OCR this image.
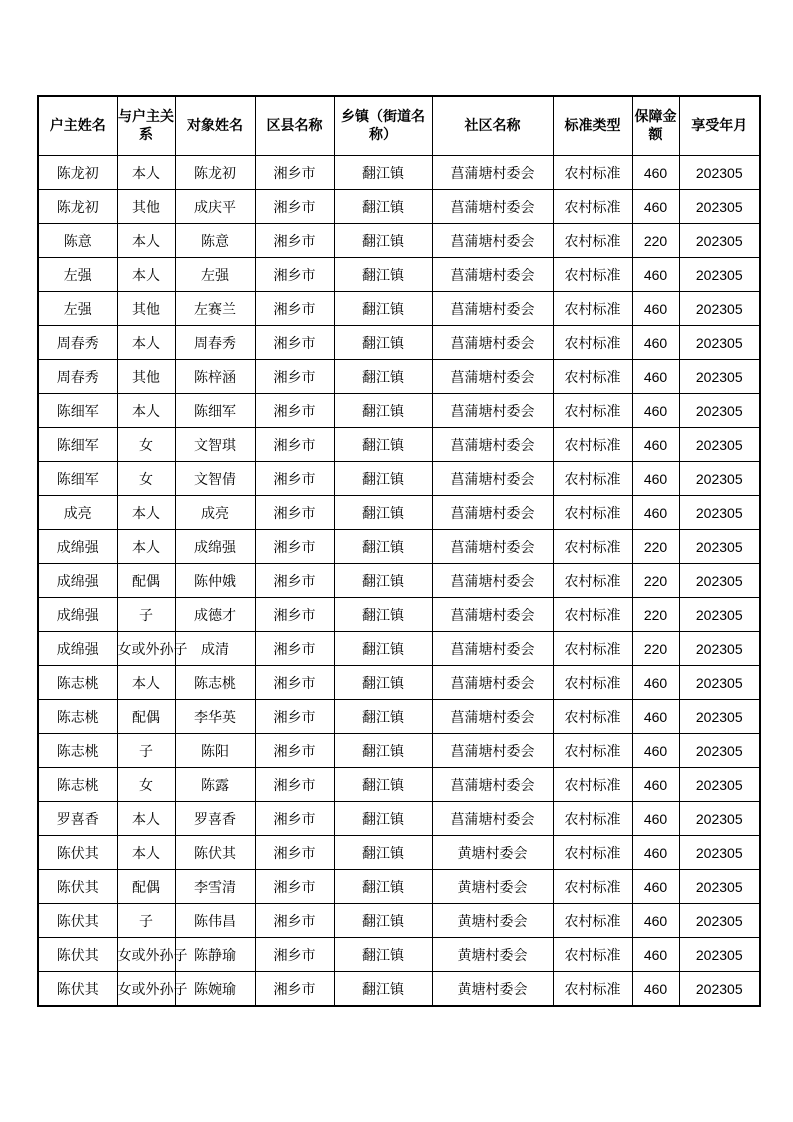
户主姓名	与户主关系	对象姓名	区县名称	乡镇（街道名称）	社区名称	标准类型	保障金额	享受年月
陈龙初	本人	陈龙初	湘乡市	翻江镇	菖蒲塘村委会	农村标准	460	202305
陈龙初	其他	成庆平	湘乡市	翻江镇	菖蒲塘村委会	农村标准	460	202305
陈意	本人	陈意	湘乡市	翻江镇	菖蒲塘村委会	农村标准	220	202305
左强	本人	左强	湘乡市	翻江镇	菖蒲塘村委会	农村标准	460	202305
左强	其他	左赛兰	湘乡市	翻江镇	菖蒲塘村委会	农村标准	460	202305
周春秀	本人	周春秀	湘乡市	翻江镇	菖蒲塘村委会	农村标准	460	202305
周春秀	其他	陈梓涵	湘乡市	翻江镇	菖蒲塘村委会	农村标准	460	202305
陈细军	本人	陈细军	湘乡市	翻江镇	菖蒲塘村委会	农村标准	460	202305
陈细军	女	文智琪	湘乡市	翻江镇	菖蒲塘村委会	农村标准	460	202305
陈细军	女	文智倩	湘乡市	翻江镇	菖蒲塘村委会	农村标准	460	202305
成亮	本人	成亮	湘乡市	翻江镇	菖蒲塘村委会	农村标准	460	202305
成绵强	本人	成绵强	湘乡市	翻江镇	菖蒲塘村委会	农村标准	220	202305
成绵强	配偶	陈仲娥	湘乡市	翻江镇	菖蒲塘村委会	农村标准	220	202305
成绵强	子	成德才	湘乡市	翻江镇	菖蒲塘村委会	农村标准	220	202305
成绵强	女或外孙子	成清	湘乡市	翻江镇	菖蒲塘村委会	农村标准	220	202305
陈志桃	本人	陈志桃	湘乡市	翻江镇	菖蒲塘村委会	农村标准	460	202305
陈志桃	配偶	李华英	湘乡市	翻江镇	菖蒲塘村委会	农村标准	460	202305
陈志桃	子	陈阳	湘乡市	翻江镇	菖蒲塘村委会	农村标准	460	202305
陈志桃	女	陈露	湘乡市	翻江镇	菖蒲塘村委会	农村标准	460	202305
罗喜香	本人	罗喜香	湘乡市	翻江镇	菖蒲塘村委会	农村标准	460	202305
陈伏其	本人	陈伏其	湘乡市	翻江镇	黄塘村委会	农村标准	460	202305
陈伏其	配偶	李雪清	湘乡市	翻江镇	黄塘村委会	农村标准	460	202305
陈伏其	子	陈伟昌	湘乡市	翻江镇	黄塘村委会	农村标准	460	202305
陈伏其	女或外孙子	陈静瑜	湘乡市	翻江镇	黄塘村委会	农村标准	460	202305
陈伏其	女或外孙子	陈婉瑜	湘乡市	翻江镇	黄塘村委会	农村标准	460	202305
